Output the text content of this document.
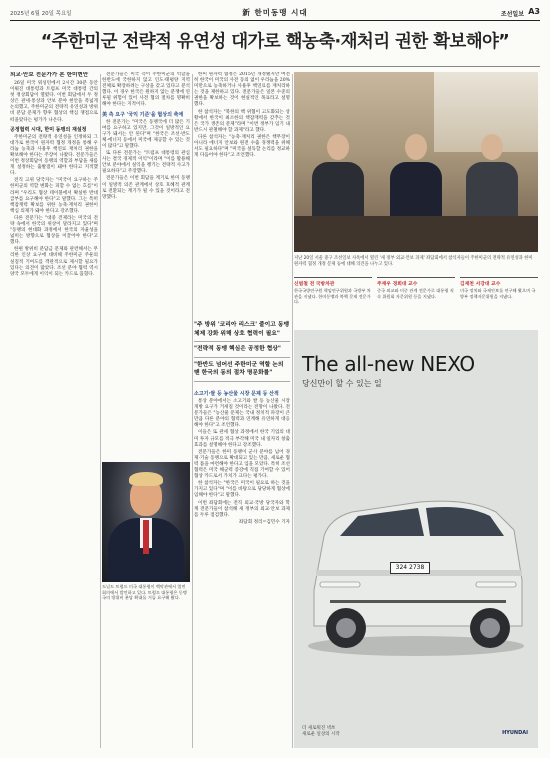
2025년 6월 20일 목요일	新 한미동맹 시대	조선일보 A3
“주한미군 전략적 유연성 대가로 핵농축·재처리 권한 확보해야”
외교·안보 전문가가 본 한미현안

26일 미국 워싱턴에서 2시간 30분 동안 이뤄진 대통령과 트럼프 미국 대통령 간의 첫 정상회담이 열렸다. 이번 회담에서 두 정상은 관세·통상과 안보 분야 현안을 폭넓게 논의했고, 주한미군의 전략적 유연성과 방위비 분담 문제가 향후 협상의 핵심 쟁점으로 떠올랐다는 평가가 나온다.

공정협력 시대, 한미 동맹의 재설정

주한미군의 전략적 유연성을 인정하되 그 대가로 한국이 원자력 협정 개정을 통해 우라늄 농축과 사용후 핵연료 재처리 권한을 확보해야 한다는 주장이 나왔다. 전문가들은 이번 정상회담이 동맹의 역할과 부담을 새롭게 설정하는 출발점이 돼야 한다고 지적했다.

전직 고위 당국자는 "미국이 요구하는 주한미군의 역할 변화는 피할 수 없는 흐름"이라며 "우리도 협상 테이블에서 확실한 반대급부를 요구해야 한다"고 말했다. 그는 특히 핵잠재력 확보를 위한 농축·재처리 권한이 핵심 의제가 돼야 한다고 강조했다.

다른 전문가는 "대중 견제라는 미국의 전략 속에서 한국의 위상이 달라지고 있다"며 "동맹의 현대화 과정에서 한국의 자율성을 넓히는 방향으로 협상을 이끌어야 한다"고 했다.

한편 방위비 분담금 문제와 관련해서는 무리한 인상 요구에 대비해 주한미군 주둔의 실질적 기여도를 객관적으로 제시할 필요가 있다는 의견이 많았다. 조선 분야 협력 역시 양국 모두에게 이익이 되는 카드로 꼽혔다.

전문가들은 미국 측이 주한미군의 역할을 한반도에 국한하지 않고 인도·태평양 지역 전체로 확장하려는 구상을 갖고 있다고 분석했다. 이 경우 한국은 원하지 않는 분쟁에 연루될 위험이 있어 사전 협의 절차를 명확히 해야 한다는 지적이다.

美 측 요구 '국익 기준'을 협상의 축에

한 전문가는 "미국은 동맹국에 더 많은 기여를 요구하고 있지만, 그것이 일방적인 요구가 돼서는 안 된다"며 "한국은 조선·반도체·에너지 등에서 미국에 제공할 수 있는 것이 많다"고 말했다.

또 다른 전문가는 "트럼프 대통령의 관심사는 결국 경제적 이익"이라며 "이를 활용해 안보 분야에서 실익을 챙기는 전략적 사고가 필요하다"고 주장했다.

전문가들은 이번 회담을 계기로 한미 동맹이 일방적 의존 관계에서 상호 호혜적 관계로 전환되는 계기가 될 수 있을 것이라고 전망했다.

도널드 트럼프 미국 대통령이 백악관에서 열린 회의에서 발언하고 있다. 트럼프 대통령은 동맹국의 방위비 분담 확대를 거듭 요구해 왔다.

한미 원자력 협정은 2015년 개정됐지만 여전히 한국이 미국의 사전 동의 없이 우라늄을 20% 미만으로 농축하거나 사용후 핵연료를 재처리하는 것을 제한하고 있다. 전문가들은 일본 수준의 권한을 확보하는 것이 현실적인 목표라고 설명했다.

한 참석자는 "북한의 핵 위협이 고도화되는 상황에서 한국이 최소한의 핵잠재력을 갖추는 것은 국가 생존의 문제"라며 "이번 정부가 임기 내 반드시 관철해야 할 과제"라고 했다.

다른 참석자는 "농축·재처리 권한은 핵무장이 아니라 에너지 안보와 원전 수출 경쟁력을 위해서도 필요하다"며 "미국을 설득할 논리를 정교하게 다듬어야 한다"고 조언했다.

"주 방위 '코리아 리스크' 줄이고 동맹 체제 강화 위해 상호 협력이 필요"
"전략적 동맹 핵심은 공정한 협상"
"한반도 넘어선 주한미군 역할 논의 땐 한국의 동의 절차 명문화를"
소고기·쌀 등 농산물 시장 문제 등 산적

통상 분야에서는 소고기와 쌀 등 농산물 시장 개방 요구가 거세질 것이라는 전망이 나왔다. 전문가들은 "농산물 문제는 국내 정치적 파장이 큰 만큼 다른 분야의 협력과 연계해 유연하게 대응해야 한다"고 조언했다.

이들은 또 관세 협상 과정에서 한국 기업의 대미 투자 규모를 적극 부각해 미국 내 일자리 창출 효과를 설명해야 한다고 강조했다.

전문가들은 한미 동맹이 군사 분야를 넘어 경제·기술 동맹으로 확대되고 있는 만큼, 새로운 협력 틀을 마련해야 한다고 입을 모았다. 특히 조선 협력은 미국 해군력 증강에 직접 기여할 수 있어 협상 카드로서 가치가 크다는 평가다.

한 참석자는 "한국은 미국이 필요로 하는 것을 가지고 있다"며 "이를 바탕으로 당당하게 협상에 임해야 한다"고 말했다.

이번 좌담회에는 전직 외교·국방 당국자와 학계 전문가들이 참석해 새 정부의 외교·안보 과제를 두루 점검했다.

좌담회 정리=김민수 기자

지난 20일 서울 중구 조선일보 사옥에서 열린 '새 정부 외교·안보 과제' 좌담회에서 참석자들이 주한미군의 전략적 유연성과 한미 원자력 협정 개정 문제 등에 대해 의견을 나누고 있다.
신범철 전 국방차관
한국국방연구원 책임연구위원과 국방부 차관을 지냈다. 한미동맹과 북핵 문제 전문가다.
주재우 경희대 교수
중국 외교와 미중 관계 전문가로 대통령 직속 위원회 자문위원 등을 지냈다.
김재천 서강대 교수
미국 정치와 국제안보를 연구해 왔으며 국방부 정책자문위원을 지냈다.
The all-new NEXO
당신만이 할 수 있는 일
324 2738
더 새로워진 넥쏘
새로운 일상의 시작	HYUNDAI
